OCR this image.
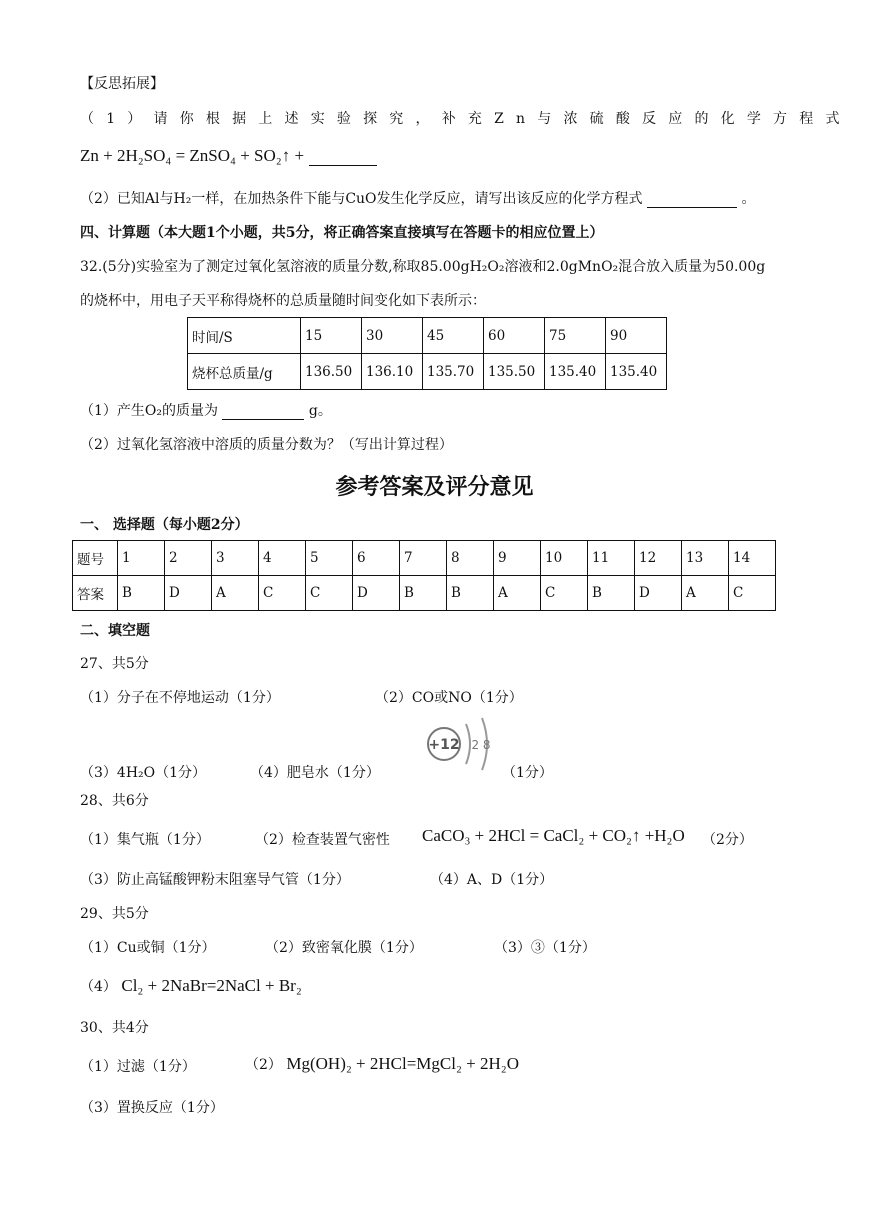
【反思拓展】
（1）请你根据上述实验探究，补充Zn与浓硫酸反应的化学方程式
Zn + 2H₂SO₄ = ZnSO₄ + SO₂↑ +
（2）已知Al与H₂一样，在加热条件下能与CuO发生化学反应，请写出该反应的化学方程式	。
四、计算题（本大题1个小题，共5分，将正确答案直接填写在答题卡的相应位置上）
32.(5分)实验室为了测定过氧化氢溶液的质量分数,称取85.00gH₂O₂溶液和2.0gMnO₂混合放入质量为50.00g
的烧杯中，用电子天平称得烧杯的总质量随时间变化如下表所示：
时间/S	15	30	45	60	75	90
烧杯总质量/g	136.50	136.10	135.70	135.50	135.40	135.40
（1）产生O₂的质量为	g。
（2）过氧化氢溶液中溶质的质量分数为？（写出计算过程）
参考答案及评分意见
一、 选择题（每小题2分）
题号	1	2	3	4	5	6	7	8	9	10	11	12	13	14
答案	B	D	A	C	C	D	B	B	A	C	B	D	A	C
二、填空题
27、共5分
（1）分子在不停地运动（1分）	（2）CO或NO（1分）
+12 2 8
（3）4H₂O（1分）	（4）肥皂水（1分）	（1分）
28、共6分
（1）集气瓶（1分）	（2）检查装置气密性 CaCO₃ + 2HCl = CaCl₂ + CO₂↑ +H₂O （2分）
（3）防止高锰酸钾粉末阻塞导气管（1分）	（4）A、D（1分）
29、共5分
（1）Cu或铜（1分）	（2）致密氧化膜（1分）	（3）③（1分）
（4） Cl₂ + 2NaBr=2NaCl + Br₂
30、共4分
（1）过滤（1分）	（2） Mg(OH)₂ + 2HCl=MgCl₂ + 2H₂O
（3）置换反应（1分）
